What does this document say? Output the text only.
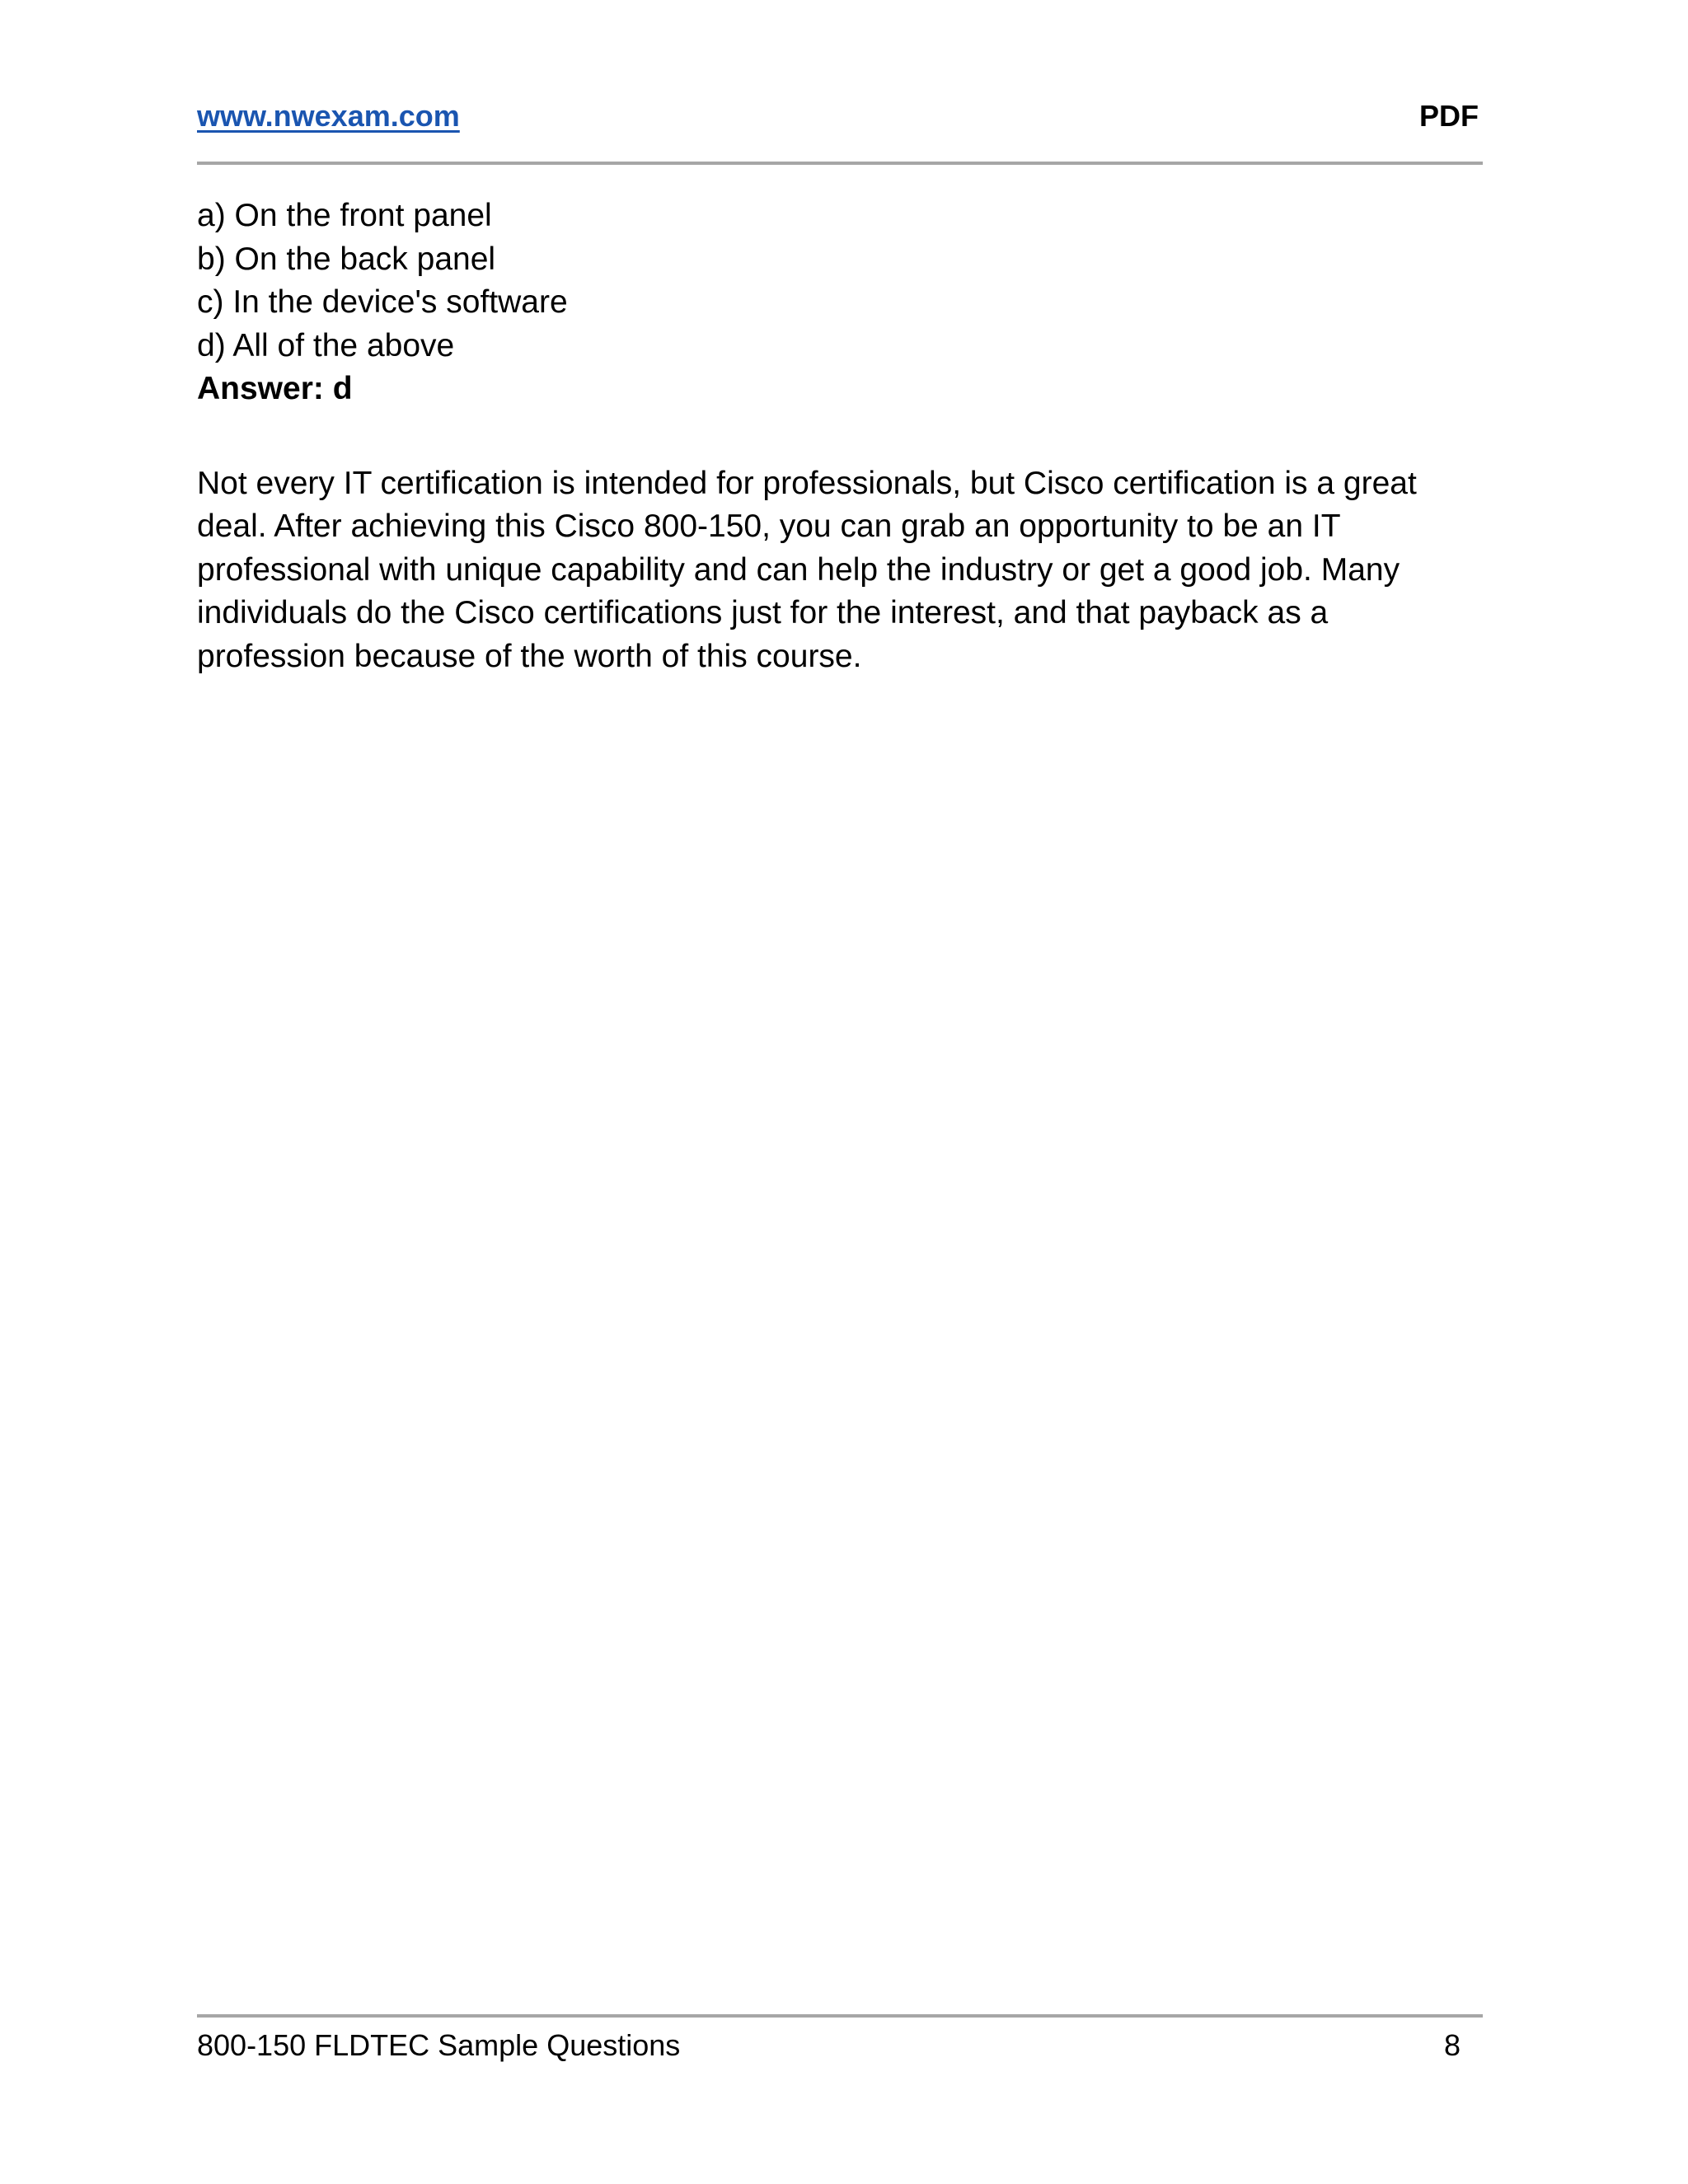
www.nwexam.com	PDF

a) On the front panel

b) On the back panel

c) In the device's software

d) All of the above

Answer: d

Not every IT certification is intended for professionals, but Cisco certification is a great deal. After achieving this Cisco 800-150, you can grab an opportunity to be an IT professional with unique capability and can help the industry or get a good job. Many individuals do the Cisco certifications just for the interest, and that payback as a profession because of the worth of this course.

800-150 FLDTEC Sample Questions	8
